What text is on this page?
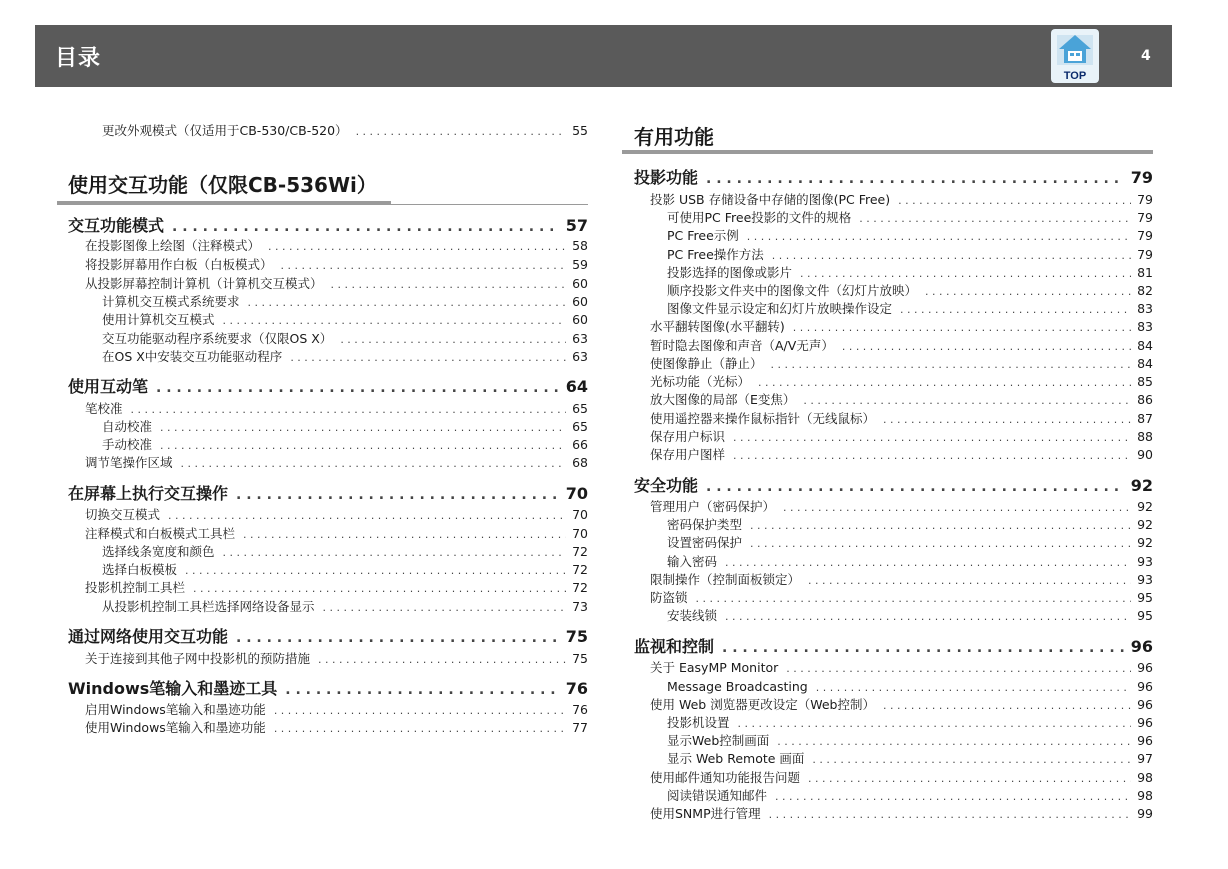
目录
TOP
4
更改外观模式（仅适用于CB-530/CB-520） . . .	55
使用交互功能（仅限CB-536Wi）
交互功能模式 . . .	57
在投影图像上绘图（注释模式） . . .	58
将投影屏幕用作白板（白板模式） . . .	59
从投影屏幕控制计算机（计算机交互模式） . . .	60
计算机交互模式系统要求 . . .	60
使用计算机交互模式 . . .	60
交互功能驱动程序系统要求（仅限OS X） . . .	63
在OS X中安装交互功能驱动程序 . . .	63
使用互动笔 . . .	64
笔校准 . . .	65
自动校准 . . .	65
手动校准 . . .	66
调节笔操作区域 . . .	68
在屏幕上执行交互操作 . . .	70
切换交互模式 . . .	70
注释模式和白板模式工具栏 . . .	70
选择线条宽度和颜色 . . .	72
选择白板模板 . . .	72
投影机控制工具栏 . . .	72
从投影机控制工具栏选择网络设备显示 . . .	73
通过网络使用交互功能 . . .	75
关于连接到其他子网中投影机的预防措施 . . .	75
Windows笔输入和墨迹工具 . . .	76
启用Windows笔输入和墨迹功能 . . .	76
使用Windows笔输入和墨迹功能 . . .	77
有用功能
投影功能 . . .	79
投影 USB 存储设备中存储的图像(PC Free) . . .	79
可使用PC Free投影的文件的规格 . . .	79
PC Free示例 . . .	79
PC Free操作方法 . . .	79
投影选择的图像或影片 . . .	81
顺序投影文件夹中的图像文件（幻灯片放映） . . .	82
图像文件显示设定和幻灯片放映操作设定 . . .	83
水平翻转图像(水平翻转) . . .	83
暂时隐去图像和声音（A/V无声） . . .	84
使图像静止（静止） . . .	84
光标功能（光标） . . .	85
放大图像的局部（E变焦） . . .	86
使用遥控器来操作鼠标指针（无线鼠标） . . .	87
保存用户标识 . . .	88
保存用户图样 . . .	90
安全功能 . . .	92
管理用户（密码保护） . . .	92
密码保护类型 . . .	92
设置密码保护 . . .	92
输入密码 . . .	93
限制操作（控制面板锁定） . . .	93
防盗锁 . . .	95
安装线锁 . . .	95
监视和控制 . . .	96
关于 EasyMP Monitor . . .	96
Message Broadcasting . . .	96
使用 Web 浏览器更改设定（Web控制） . . .	96
投影机设置 . . .	96
显示Web控制画面 . . .	96
显示 Web Remote 画面 . . .	97
使用邮件通知功能报告问题 . . .	98
阅读错误通知邮件 . . .	98
使用SNMP进行管理 . . .	99
